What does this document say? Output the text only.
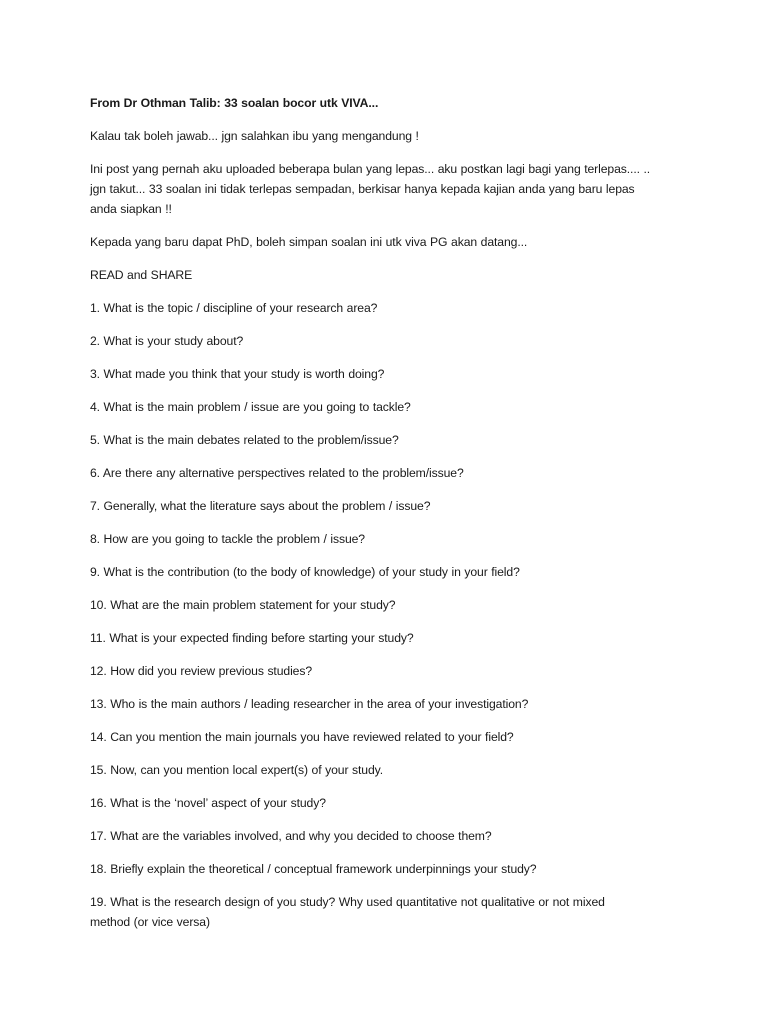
From Dr Othman Talib: 33 soalan bocor utk VIVA...
Kalau tak boleh jawab... jgn salahkan ibu yang mengandung !
Ini post yang pernah aku uploaded beberapa bulan yang lepas... aku postkan lagi bagi yang terlepas.... ..
jgn takut... 33 soalan ini tidak terlepas sempadan, berkisar hanya kepada kajian anda yang baru lepas
anda siapkan !!
Kepada yang baru dapat PhD, boleh simpan soalan ini utk viva PG akan datang...
READ and SHARE
1. What is the topic / discipline of your research area?
2. What is your study about?
3. What made you think that your study is worth doing?
4. What is the main problem / issue are you going to tackle?
5. What is the main debates related to the problem/issue?
6. Are there any alternative perspectives related to the problem/issue?
7. Generally, what the literature says about the problem / issue?
8. How are you going to tackle the problem / issue?
9. What is the contribution (to the body of knowledge) of your study in your field?
10. What are the main problem statement for your study?
11. What is your expected finding before starting your study?
12. How did you review previous studies?
13. Who is the main authors / leading researcher in the area of your investigation?
14. Can you mention the main journals you have reviewed related to your field?
15. Now, can you mention local expert(s) of your study.
16. What is the ‘novel’ aspect of your study?
17. What are the variables involved, and why you decided to choose them?
18. Briefly explain the theoretical / conceptual framework underpinnings your study?
19. What is the research design of you study? Why used quantitative not qualitative or not mixed
method (or vice versa)
